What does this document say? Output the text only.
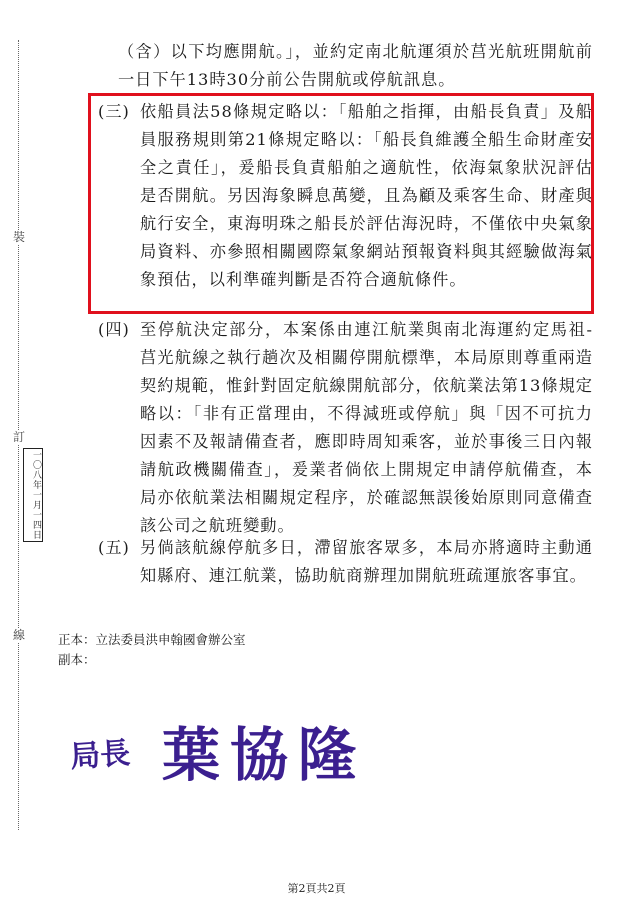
裝
訂
線
一〇八年一月一四日
（含）以下均應開航。」，並約定南北航運須於莒光航班開航前一日下午13時30分前公告開航或停航訊息。
(三) 依船員法58條規定略以：「船舶之指揮，由船長負責」及船員服務規則第21條規定略以：「船長負維護全船生命財產安全之責任」，爰船長負責船舶之適航性，依海氣象狀況評估是否開航。另因海象瞬息萬變，且為顧及乘客生命、財產與航行安全，東海明珠之船長於評估海況時，不僅依中央氣象局資料、亦參照相關國際氣象網站預報資料與其經驗做海氣象預估，以利準確判斷是否符合適航條件。
(四) 至停航決定部分，本案係由連江航業與南北海運約定馬祖-莒光航線之執行趟次及相關停開航標準，本局原則尊重兩造契約規範，惟針對固定航線開航部分，依航業法第13條規定略以：「非有正當理由，不得減班或停航」與「因不可抗力因素不及報請備查者，應即時周知乘客，並於事後三日內報請航政機關備查」，爰業者倘依上開規定申請停航備查，本局亦依航業法相關規定程序，於確認無誤後始原則同意備查該公司之航班變動。
(五) 另倘該航線停航多日，滯留旅客眾多，本局亦將適時主動通知縣府、連江航業，協助航商辦理加開航班疏運旅客事宜。
正本：立法委員洪申翰國會辦公室
副本：
局長 葉協隆
第2頁共2頁
